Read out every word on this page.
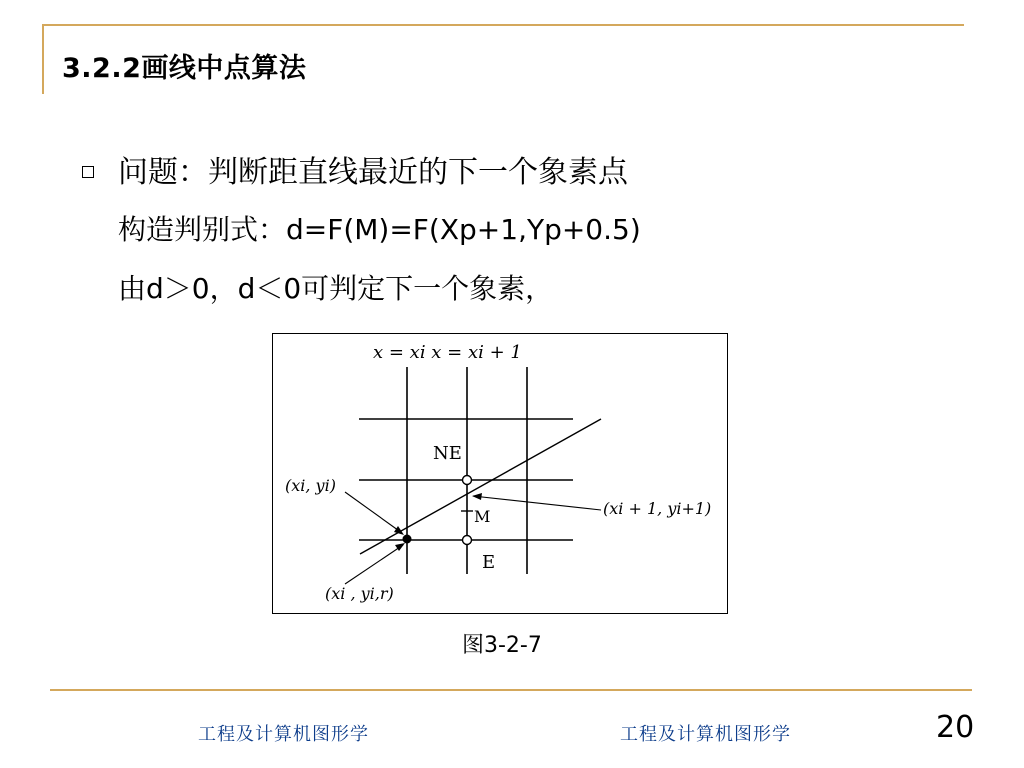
3.2.2画线中点算法
问题：判断距直线最近的下一个象素点
构造判别式：d=F(M)=F(Xp+1,Yp+0.5)
由d＞0，d＜0可判定下一个象素，
x = xi x = xi + 1
NE
E
M
(xi, yi)
(xi + 1, yi+1)
(xi , yi,r)
图3-2-7
工程及计算机图形学	工程及计算机图形学	20
